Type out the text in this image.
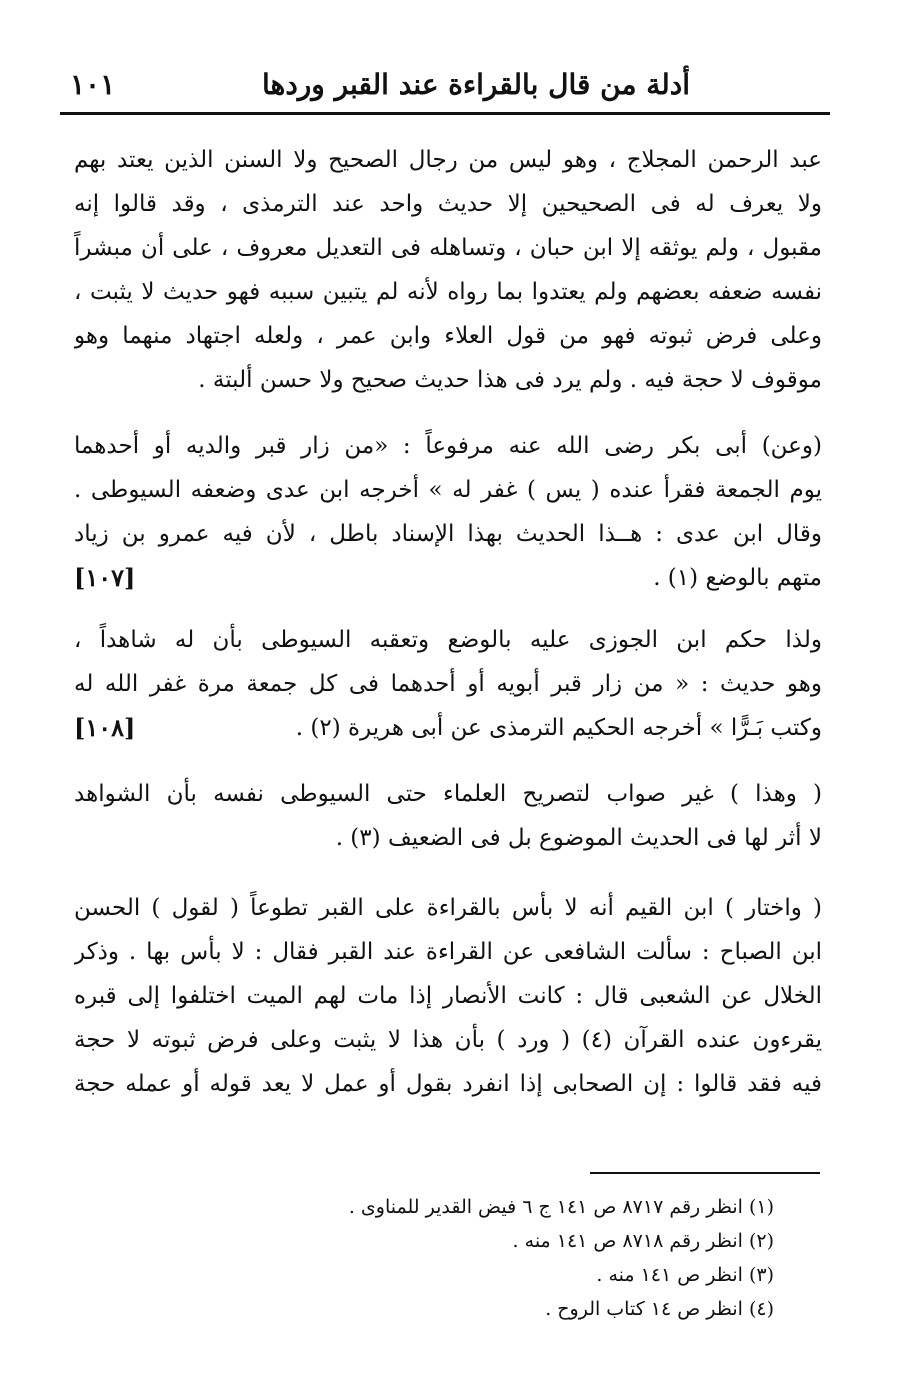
أدلة من قال بالقراءة عند القبر وردها
١٠١
عبد الرحمن المجلاج ، وهو ليس من رجال الصحيح ولا السنن الذين يعتد بهم
ولا يعرف له فى الصحيحين إلا حديث واحد عند الترمذى ، وقد قالوا إنه
مقبول ، ولم يوثقه إلا ابن حبان ، وتساهله فى التعديل معروف ، على أن مبشراً
نفسه ضعفه بعضهم ولم يعتدوا بما رواه لأنه لم يتبين سببه فهو حديث لا يثبت ،
وعلى فرض ثبوته فهو من قول العلاء وابن عمر ، ولعله اجتهاد منهما وهو
موقوف لا حجة فيه . ولم يرد فى هذا حديث صحيح ولا حسن ألبتة .
(وعن) أبى بكر رضى الله عنه مرفوعاً : «من زار قبر والديه أو أحدهما
يوم الجمعة فقرأ عنده ( يس ) غفر له » أخرجه ابن عدى وضعفه السيوطى .
وقال ابن عدى : هــذا الحديث بهذا الإسناد باطل ، لأن فيه عمرو بن زياد
متهم بالوضع (١) .
[١٠٧]
ولذا حكم ابن الجوزى عليه بالوضع وتعقبه السيوطى بأن له شاهداً ،
وهو حديث : « من زار قبر أبويه أو أحدهما فى كل جمعة مرة غفر الله له
وكتب بَـرًّا » أخرجه الحكيم الترمذى عن أبى هريرة (٢) .
[١٠٨]
( وهذا ) غير صواب لتصريح العلماء حتى السيوطى نفسه بأن الشواهد
لا أثر لها فى الحديث الموضوع بل فى الضعيف (٣) .
( واختار ) ابن القيم أنه لا بأس بالقراءة على القبر تطوعاً ( لقول ) الحسن
ابن الصباح : سألت الشافعى عن القراءة عند القبر فقال : لا بأس بها . وذكر
الخلال عن الشعبى قال : كانت الأنصار إذا مات لهم الميت اختلفوا إلى قبره
يقرءون عنده القرآن (٤) ( ورد ) بأن هذا لا يثبت وعلى فرض ثبوته لا حجة
فيه فقد قالوا : إن الصحابى إذا انفرد بقول أو عمل لا يعد قوله أو عمله حجة
(١) انظر رقم ٨٧١٧ ص ١٤١ ج ٦ فيض القدير للمناوى .
(٢) انظر رقم ٨٧١٨ ص ١٤١ منه .
(٣) انظر ص ١٤١ منه .
(٤) انظر ص ١٤ كتاب الروح .
